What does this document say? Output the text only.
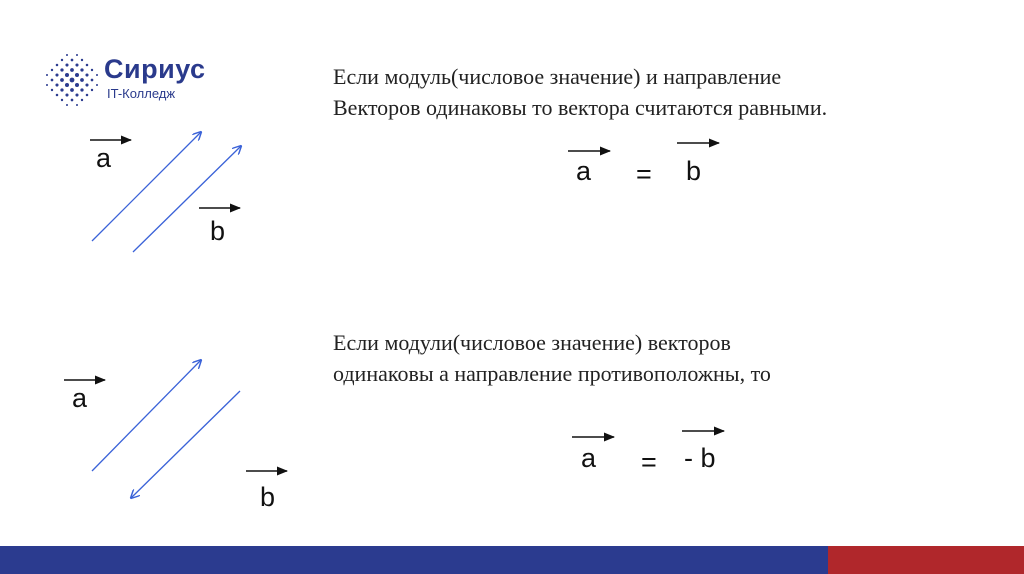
Сириус
IT-Колледж

Если модуль(числовое значение) и направление
Векторов одинаковы то вектора считаются равными.

Если модули(числовое значение) векторов
одинаковы а направление противоположны, то

a
b
a = b
a
b
a = - b
